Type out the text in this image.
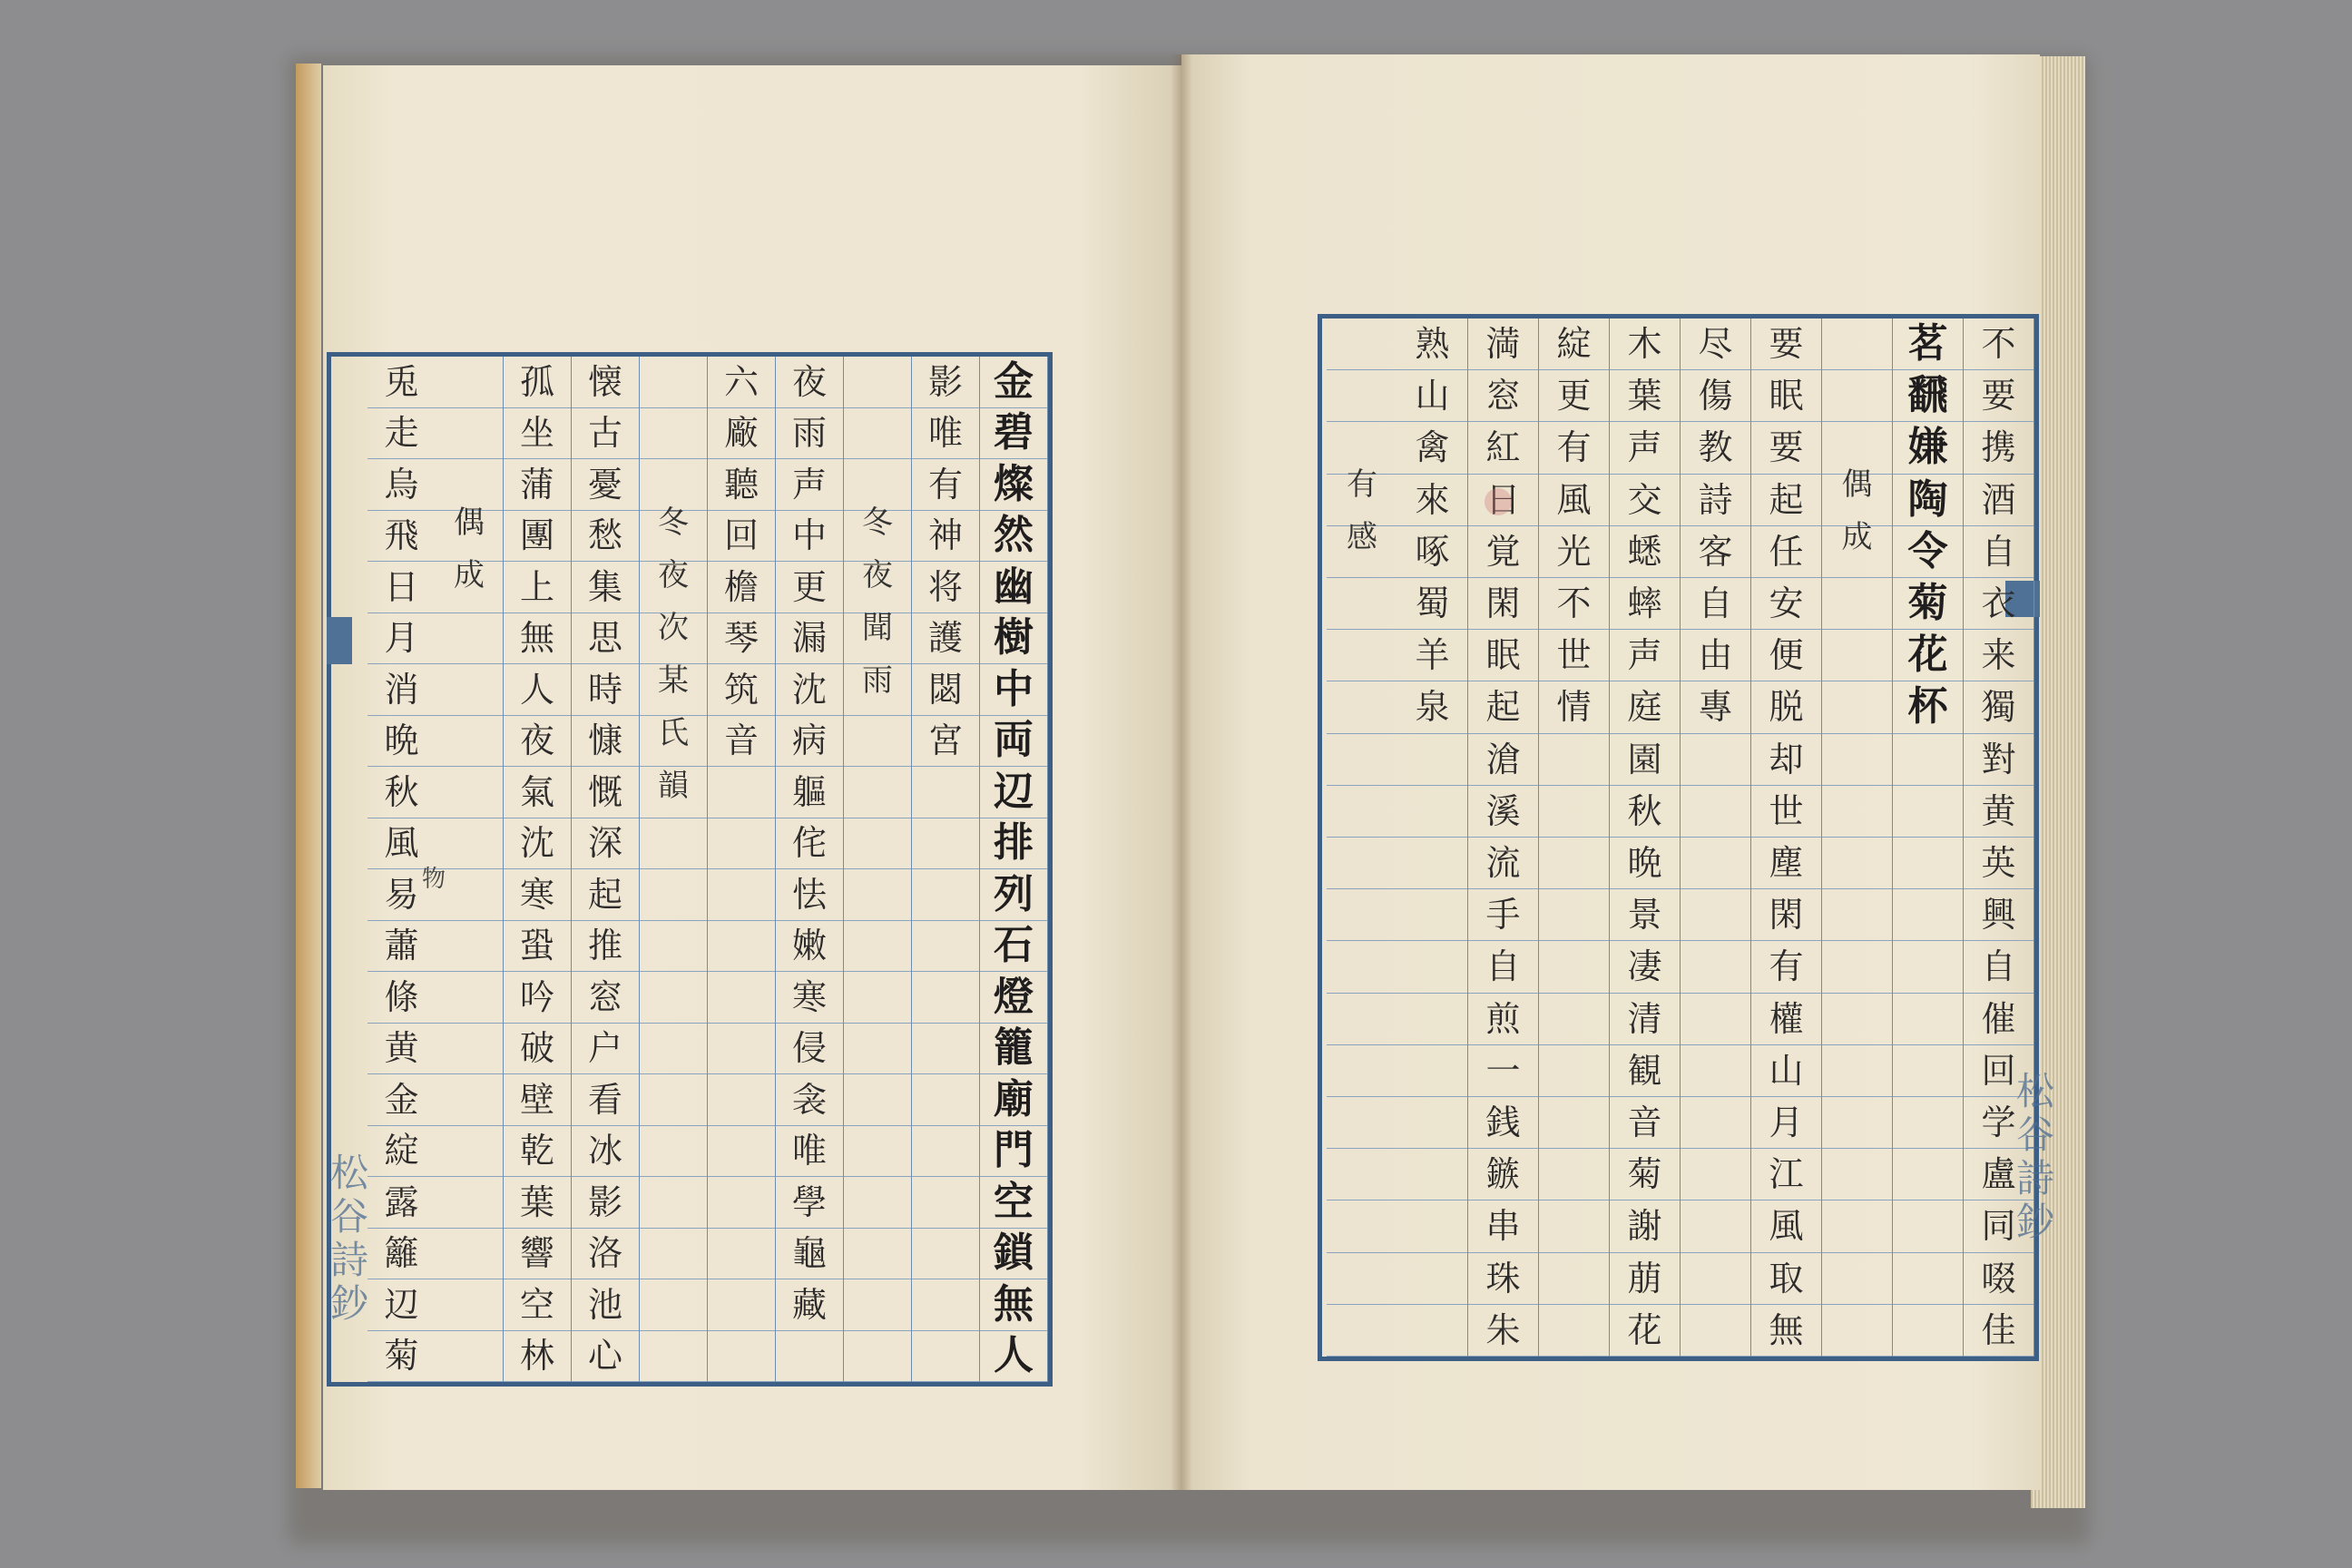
金
碧
燦
然
幽
樹
中
両
辺
排
列
石
燈
籠
廟
門
空
鎖
無
人
影
唯
有
神
将
護
閟
宮
冬
夜
聞
雨
夜
雨
声
中
更
漏
沈
病
軀
侘
怯
嫩
寒
侵
衾
唯
學
龜
藏
六
廠
聽
回
檐
琴
筑
音
冬
夜
次
某
氏
韻
懐
古
憂
愁
集
思
時
慷
慨
深
起
推
窓
户
看
冰
影
洛
池
心
孤
坐
蒲
團
上
無
人
夜
氣
沈
寒
蛩
吟
破
壁
乾
葉
響
空
林
偶
成
兎
走
烏
飛
日
月
消
晩
秋
風
易
蕭
條
黄
金
綻
露
籬
辺
菊
松谷詩鈔
物
不
要
携
酒
自
衣
来
獨
對
黄
英
興
自
催
回
学
盧
同
啜
佳
茗
飜
嫌
陶
令
菊
花
杯
偶
成
要
眠
要
起
任
安
便
脱
却
世
塵
閑
有
權
山
月
江
風
取
無
尽
傷
教
詩
客
自
由
專
木
葉
声
交
蟋
蟀
声
庭
園
秋
晩
景
凄
清
観
音
菊
謝
萠
花
綻
更
有
風
光
不
世
情
満
窓
紅
日
覚
閑
眠
起
滄
溪
流
手
自
煎
一
銭
鏃
串
珠
朱
熟
山
禽
來
啄
蜀
羊
泉
有
感
松谷詩鈔
